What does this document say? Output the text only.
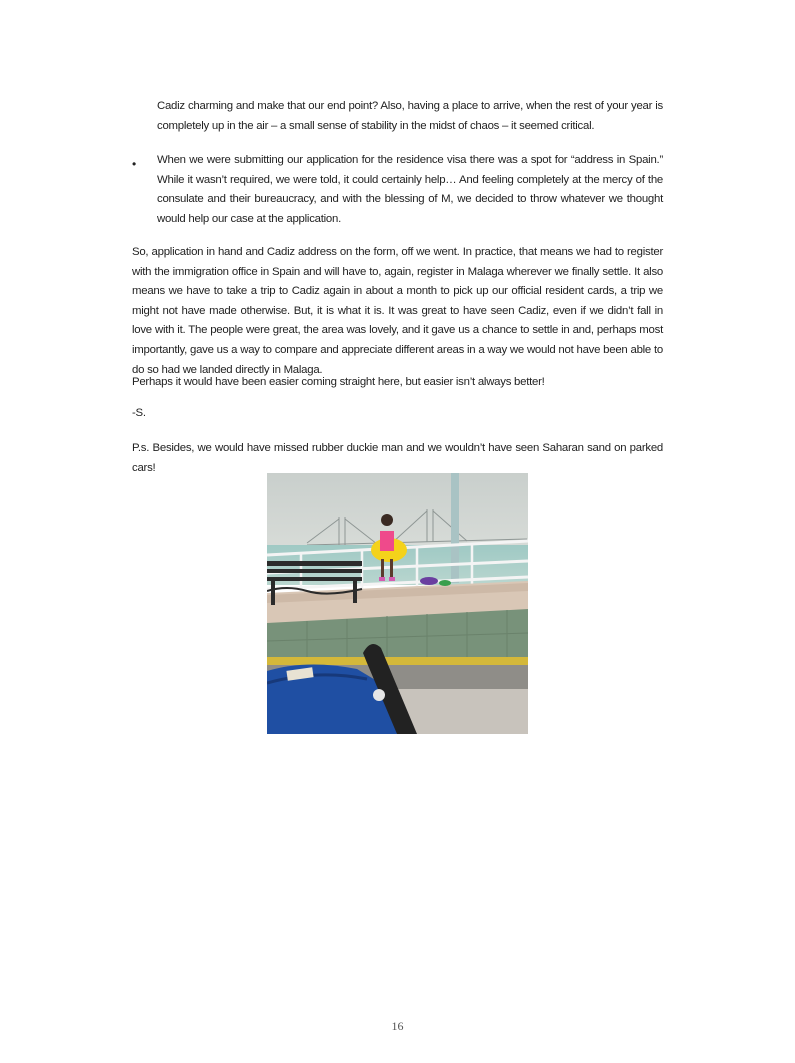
Cadiz charming and make that our end point? Also, having a place to arrive, when the rest of your year is completely up in the air – a small sense of stability in the midst of chaos – it seemed critical.
• When we were submitting our application for the residence visa there was a spot for “address in Spain.” While it wasn’t required, we were told, it could certainly help… And feeling completely at the mercy of the consulate and their bureaucracy, and with the blessing of M, we decided to throw whatever we thought would help our case at the application.
So, application in hand and Cadiz address on the form, off we went. In practice, that means we had to register with the immigration office in Spain and will have to, again, register in Malaga wherever we finally settle. It also means we have to take a trip to Cadiz again in about a month to pick up our official resident cards, a trip we might not have made otherwise. But, it is what it is. It was great to have seen Cadiz, even if we didn’t fall in love with it. The people were great, the area was lovely, and it gave us a chance to settle in and, perhaps most importantly, gave us a way to compare and appreciate different areas in a way we would not have been able to do so had we landed directly in Malaga.
Perhaps it would have been easier coming straight here, but easier isn’t always better!
-S.
P.s. Besides, we would have missed rubber duckie man and we wouldn’t have seen Saharan sand on parked cars!
16
